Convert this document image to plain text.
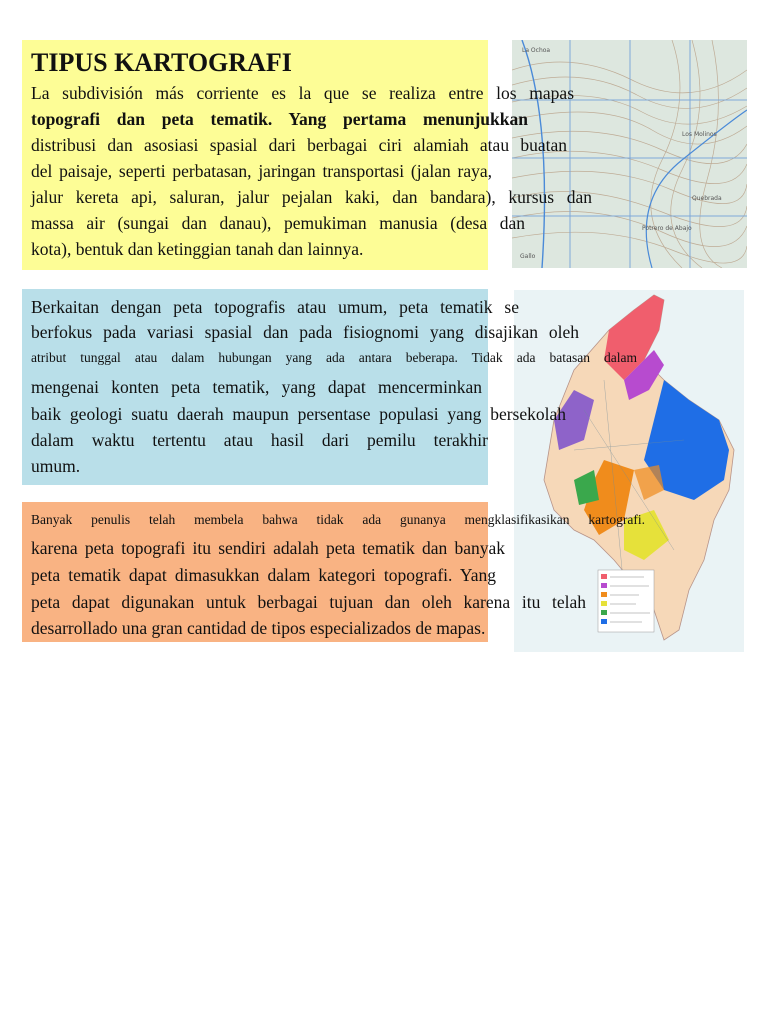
La Ochoa
Los Molinos
Quebrada
Potrero de Abajo
Gallo
TIPUS KARTOGRAFI
La subdivisión más corriente es la que se realiza entre los mapas
topografi dan peta tematik. Yang pertama menunjukkan
distribusi dan asosiasi spasial dari berbagai ciri alamiah atau buatan
del paisaje, seperti perbatasan, jaringan transportasi (jalan raya,
jalur kereta api, saluran, jalur pejalan kaki, dan bandara), kursus dan
massa air (sungai dan danau), pemukiman manusia (desa dan
kota), bentuk dan ketinggian tanah dan lainnya.
Berkaitan dengan peta topografis atau umum, peta tematik se
berfokus pada variasi spasial dan pada fisiognomi yang disajikan oleh
atribut tunggal atau dalam hubungan yang ada antara beberapa. Tidak ada batasan dalam
mengenai konten peta tematik, yang dapat mencerminkan
baik geologi suatu daerah maupun persentase populasi yang bersekolah
dalam waktu tertentu atau hasil dari pemilu terakhir
umum.
Banyak penulis telah membela bahwa tidak ada gunanya mengklasifikasikan kartografi.
karena peta topografi itu sendiri adalah peta tematik dan banyak
peta tematik dapat dimasukkan dalam kategori topografi. Yang
peta dapat digunakan untuk berbagai tujuan dan oleh karena itu telah
desarrollado una gran cantidad de tipos especializados de mapas.
